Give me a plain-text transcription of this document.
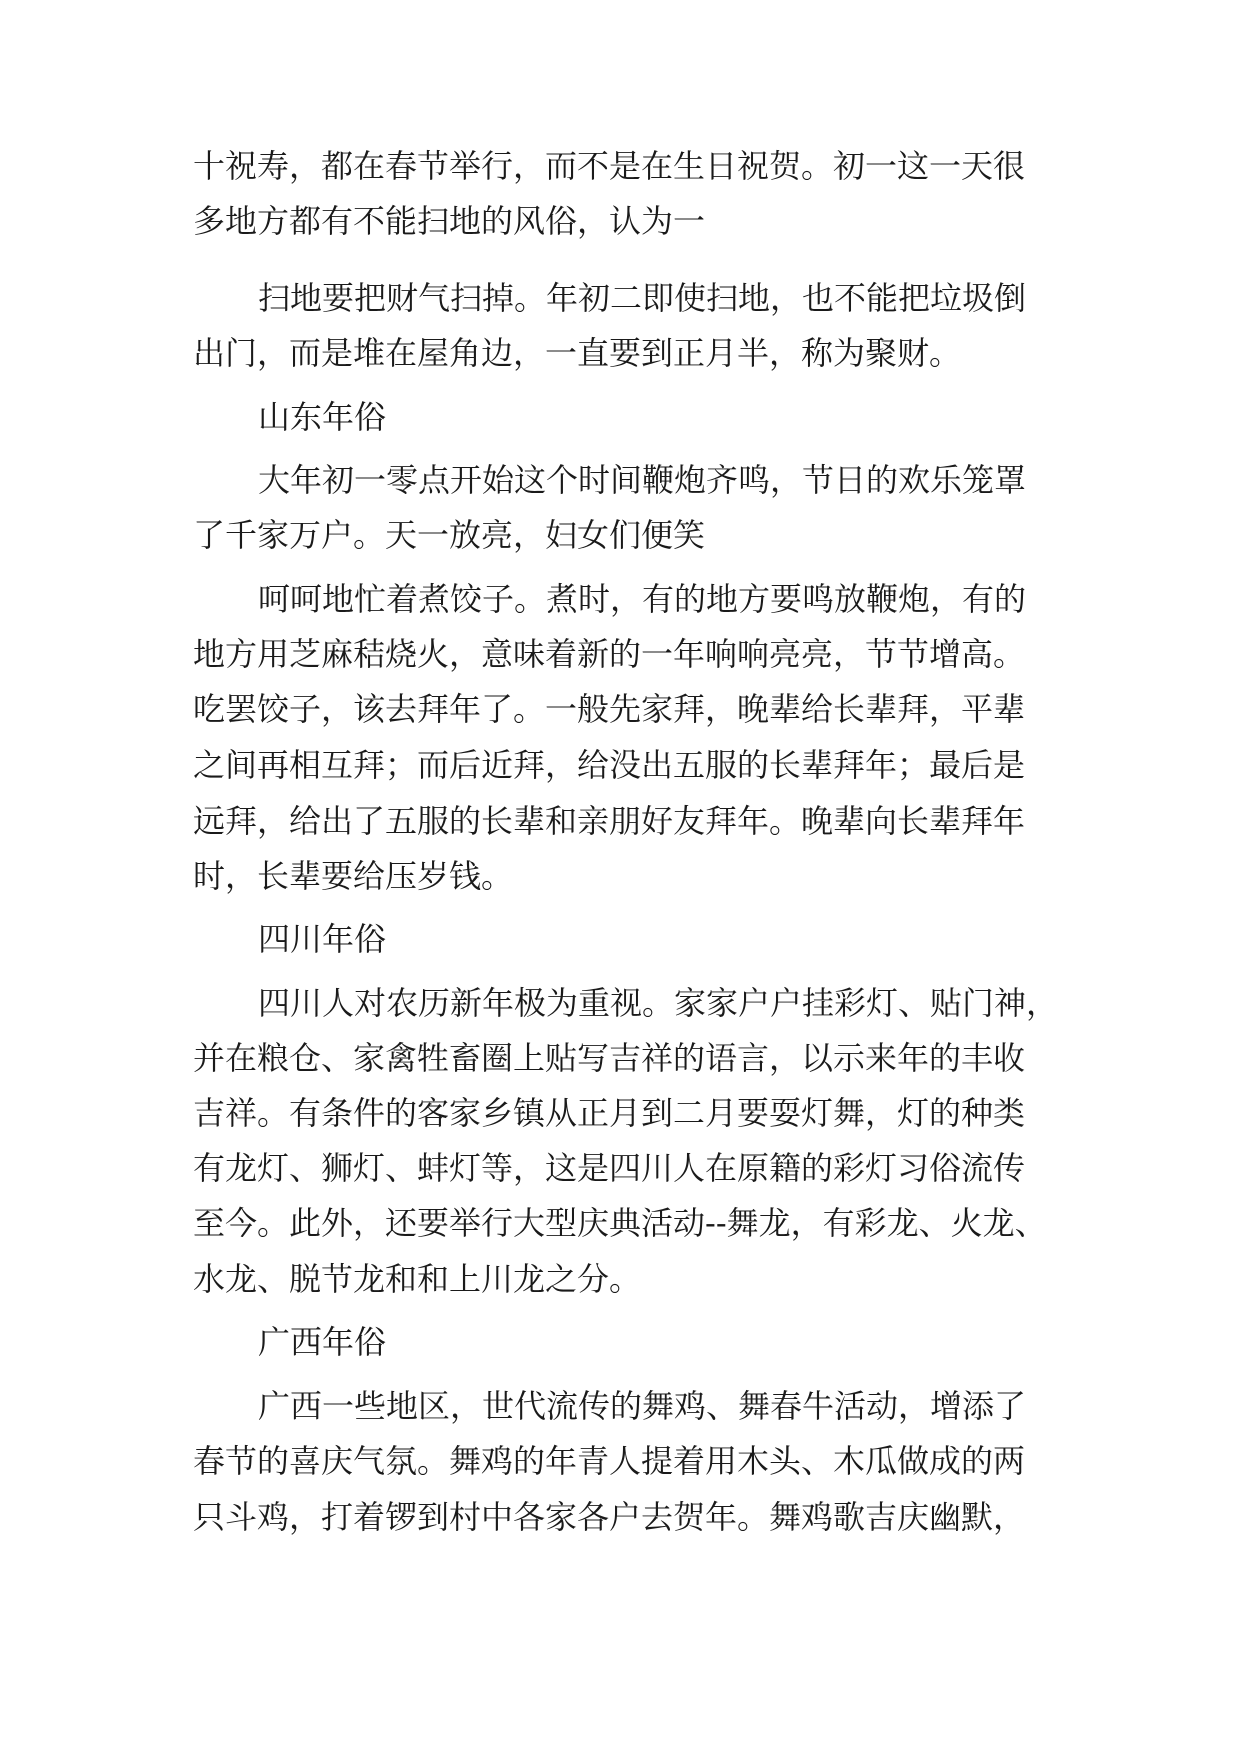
十祝寿，都在春节举行，而不是在生日祝贺。初一这一天很
多地方都有不能扫地的风俗，认为一
扫地要把财气扫掉。年初二即使扫地，也不能把垃圾倒
出门，而是堆在屋角边，一直要到正月半，称为聚财。
山东年俗
大年初一零点开始这个时间鞭炮齐鸣，节日的欢乐笼罩
了千家万户。天一放亮，妇女们便笑
呵呵地忙着煮饺子。煮时，有的地方要鸣放鞭炮，有的
地方用芝麻秸烧火，意味着新的一年响响亮亮，节节增高。
吃罢饺子，该去拜年了。一般先家拜，晚辈给长辈拜，平辈
之间再相互拜；而后近拜，给没出五服的长辈拜年；最后是
远拜，给出了五服的长辈和亲朋好友拜年。晚辈向长辈拜年
时，长辈要给压岁钱。
四川年俗
四川人对农历新年极为重视。家家户户挂彩灯、贴门神，
并在粮仓、家禽牲畜圈上贴写吉祥的语言，以示来年的丰收
吉祥。有条件的客家乡镇从正月到二月要耍灯舞，灯的种类
有龙灯、狮灯、蚌灯等，这是四川人在原籍的彩灯习俗流传
至今。此外，还要举行大型庆典活动--舞龙，有彩龙、火龙、
水龙、脱节龙和和上川龙之分。
广西年俗
广西一些地区，世代流传的舞鸡、舞春牛活动，增添了
春节的喜庆气氛。舞鸡的年青人提着用木头、木瓜做成的两
只斗鸡，打着锣到村中各家各户去贺年。舞鸡歌吉庆幽默，
